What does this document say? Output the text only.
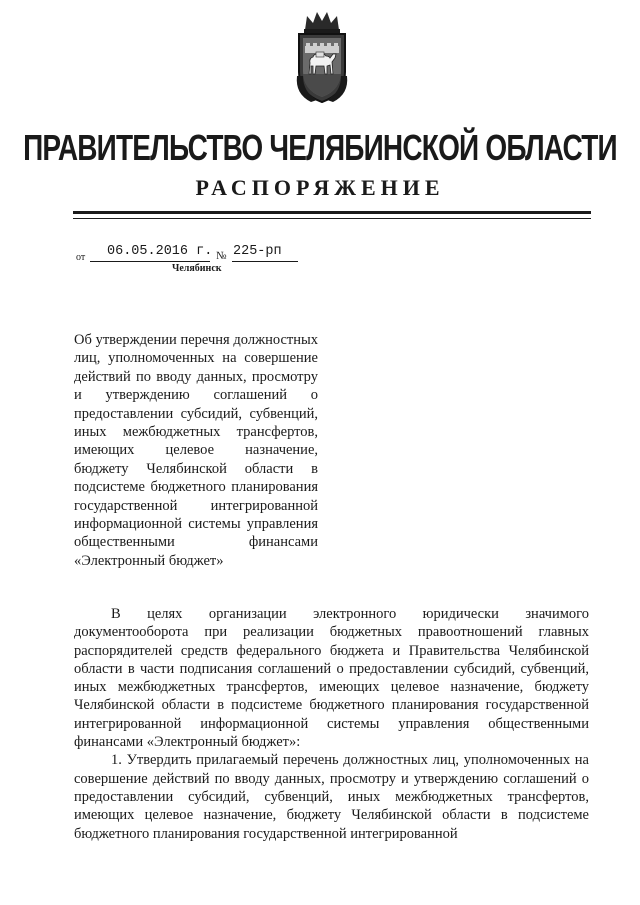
ПРАВИТЕЛЬСТВО ЧЕЛЯБИНСКОЙ ОБЛАСТИ
РАСПОРЯЖЕНИЕ
от 06.05.2016 г. № 225-рп
Челябинск
Об утверждении перечня должностных лиц, уполномоченных на совершение действий по вводу данных, просмотру и утверждению соглашений о предоставлении субсидий, субвенций, иных межбюджетных трансфертов, имеющих целевое назначение, бюджету Челябинской области в подсистеме бюджетного планирования государственной интегрированной информационной системы управления общественными финансами «Электронный бюджет»

В целях организации электронного юридически значимого документооборота при реализации бюджетных правоотношений главных распорядителей средств федерального бюджета и Правительства Челябинской области в части подписания соглашений о предоставлении субсидий, субвенций, иных межбюджетных трансфертов, имеющих целевое назначение, бюджету Челябинской области в подсистеме бюджетного планирования государственной интегрированной информационной системы управления общественными финансами «Электронный бюджет»:

1. Утвердить прилагаемый перечень должностных лиц, уполномоченных на совершение действий по вводу данных, просмотру и утверждению соглашений о предоставлении субсидий, субвенций, иных межбюджетных трансфертов, имеющих целевое назначение, бюджету Челябинской области в подсистеме бюджетного планирования государственной интегрированной
